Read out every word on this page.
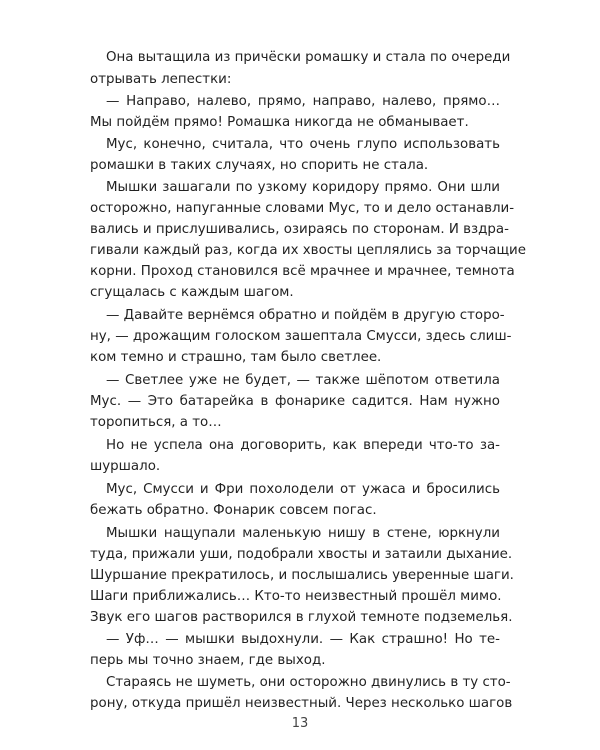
Она вытащила из причёски ромашку и стала по очереди
отрывать лепестки:
— Направо, налево, прямо, направо, налево, прямо…
Мы пойдём прямо! Ромашка никогда не обманывает.
Мус, конечно, считала, что очень глупо использовать
ромашки в таких случаях, но спорить не стала.
Мышки зашагали по узкому коридору прямо. Они шли
осторожно, напуганные словами Мус, то и дело останавли-
вались и прислушивались, озираясь по сторонам. И вздра-
гивали каждый раз, когда их хвосты цеплялись за торчащие
корни. Проход становился всё мрачнее и мрачнее, темнота
сгущалась с каждым шагом.
— Давайте вернёмся обратно и пойдём в другую сторо-
ну, — дрожащим голоском зашептала Смусси, здесь слиш-
ком темно и страшно, там было светлее.
— Светлее уже не будет, — также шёпотом ответила
Мус. — Это батарейка в фонарике садится. Нам нужно
торопиться, а то…
Но не успела она договорить, как впереди что-то за-
шуршало.
Мус, Смусси и Фри похолодели от ужаса и бросились
бежать обратно. Фонарик совсем погас.
Мышки нащупали маленькую нишу в стене, юркнули
туда, прижали уши, подобрали хвосты и затаили дыхание.
Шуршание прекратилось, и послышались уверенные шаги.
Шаги приближались… Кто-то неизвестный прошёл мимо.
Звук его шагов растворился в глухой темноте подземелья.
— Уф… — мышки выдохнули. — Как страшно! Но те-
перь мы точно знаем, где выход.
Стараясь не шуметь, они осторожно двинулись в ту сто-
рону, откуда пришёл неизвестный. Через несколько шагов
13
